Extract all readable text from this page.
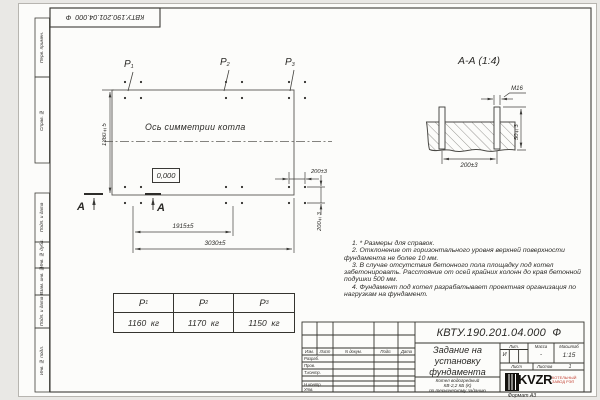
КВТУ.190.201.04.000  Ф
Перв. примен.
Справ. №
Подп. и дата
Инв. № дубл.
Взам. инв. №
Подп. и дата
Инв. № подл.
$P_1$	$P_2$	$P_3$
Ось симметрии котла
0,000
1360±5
1915±5
3030±5
200±3
200±3
А	А
А-А (1:4)
М16
200±3
50±3

1. * Размеры для справок.

2. Отклонение от горизонтального уровня верхней поверхности фундамента не более 10 мм.

3. В случае отсутствия бетонного пола площадку под котел забетонировать. Расстояние от осей крайних колонн до края бетонной подушки 500 мм.

4. Фундамент под котел разрабатывает проектная организация по нагрузкам на фундамент.

P 1	P 2	P 3
1160  кг	1170  кг	1150  кг
КВТУ.190.201.04.000  Ф
Изм.	Лист	N докум.	Подп.	Дата
Разраб.
Пров.
Т.контр.
Н.контр.
Утв.
Лит.	Масса	Масштаб
И	-	1:15
Лист	Листов	1
Задание на
установку
фундамента
Котел водогрейный
КВ-2,2 КБ (К)
по техническому заданию
KVZR КОТЕЛЬНЫЙ ЗАВОД РЭП
Формат А3
